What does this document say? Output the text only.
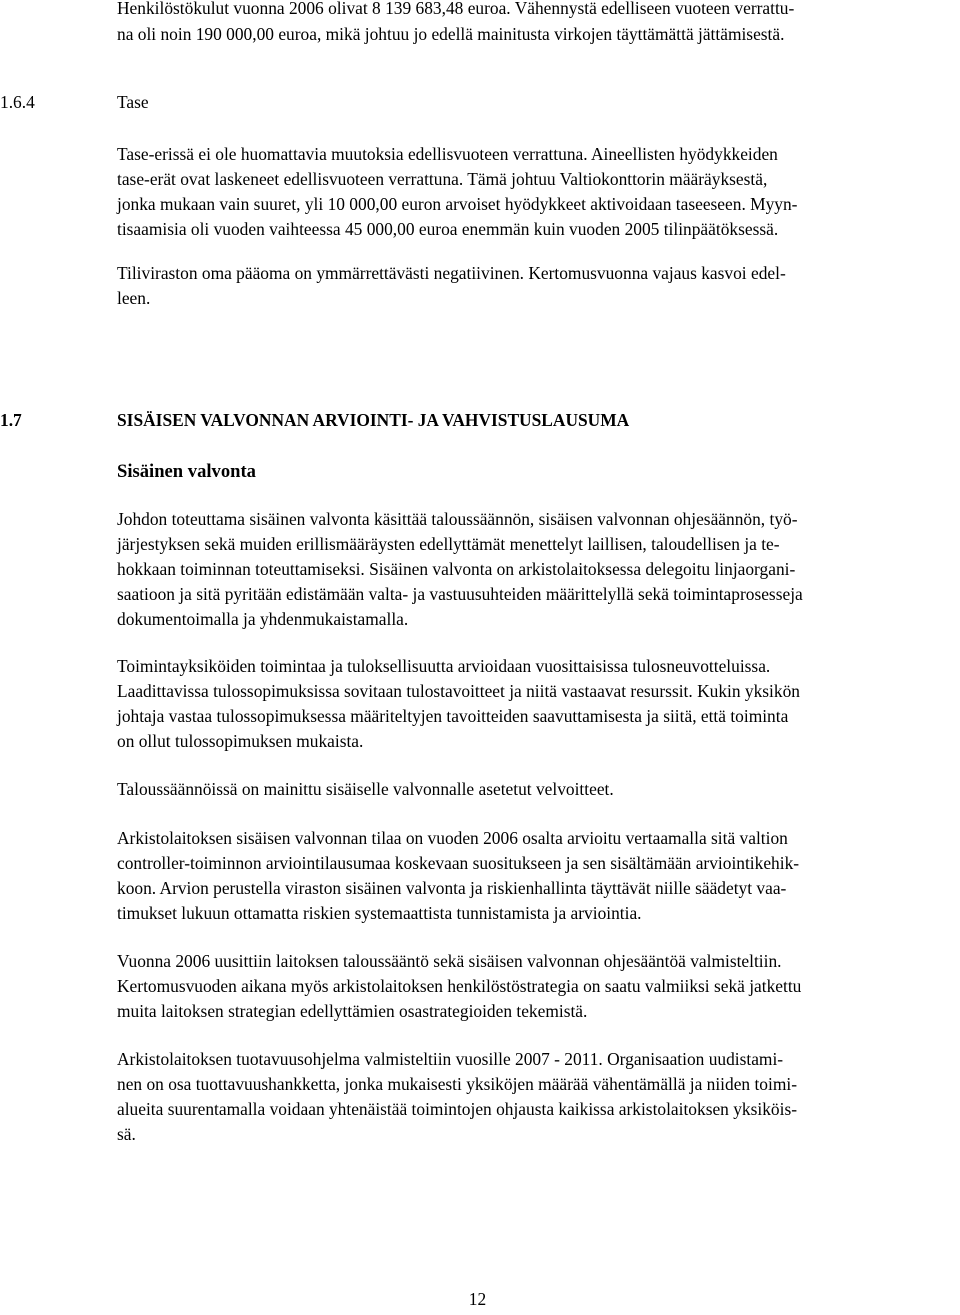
Henkilöstökulut vuonna 2006 olivat 8 139 683,48 euroa. Vähennystä edelliseen vuoteen verrattu-
na oli noin 190 000,00 euroa, mikä johtuu jo edellä mainitusta virkojen täyttämättä jättämisestä.
1.6.4	Tase
Tase-erissä ei ole huomattavia muutoksia edellisvuoteen verrattuna. Aineellisten hyödykkeiden
tase-erät ovat laskeneet edellisvuoteen verrattuna. Tämä johtuu Valtiokonttorin määräyksestä,
jonka mukaan vain suuret, yli 10 000,00 euron arvoiset hyödykkeet aktivoidaan taseeseen. Myyn-
tisaamisia oli vuoden vaihteessa 45 000,00 euroa enemmän kuin vuoden 2005 tilinpäätöksessä.
Tiliviraston oma pääoma on ymmärrettävästi negatiivinen. Kertomusvuonna vajaus kasvoi edel-
leen.
1.7	SISÄISEN VALVONNAN ARVIOINTI- JA VAHVISTUSLAUSUMA
Sisäinen valvonta
Johdon toteuttama sisäinen valvonta käsittää taloussäännön, sisäisen valvonnan ohjesäännön, työ-
järjestyksen sekä muiden erillismääräysten edellyttämät menettelyt laillisen, taloudellisen ja te-
hokkaan toiminnan toteuttamiseksi. Sisäinen valvonta on arkistolaitoksessa delegoitu linjaorgani-
saatioon ja sitä pyritään edistämään valta- ja vastuusuhteiden määrittelyllä sekä toimintaprosesseja
dokumentoimalla ja yhdenmukaistamalla.
Toimintayksiköiden toimintaa ja tuloksellisuutta arvioidaan vuosittaisissa tulosneuvotteluissa.
Laadittavissa tulossopimuksissa sovitaan tulostavoitteet ja niitä vastaavat resurssit. Kukin yksikön
johtaja vastaa tulossopimuksessa määriteltyjen tavoitteiden saavuttamisesta ja siitä, että toiminta
on ollut tulossopimuksen mukaista.
Taloussäännöissä on mainittu sisäiselle valvonnalle asetetut velvoitteet.
Arkistolaitoksen sisäisen valvonnan tilaa on vuoden 2006 osalta arvioitu vertaamalla sitä valtion
controller-toiminnon arviointilausumaa koskevaan suositukseen ja sen sisältämään arviointikehik-
koon. Arvion perustella viraston sisäinen valvonta ja riskienhallinta täyttävät niille säädetyt vaa-
timukset lukuun ottamatta riskien systemaattista tunnistamista ja arviointia.
Vuonna 2006 uusittiin laitoksen taloussääntö sekä sisäisen valvonnan ohjesääntöä valmisteltiin.
Kertomusvuoden aikana myös arkistolaitoksen henkilöstöstrategia on saatu valmiiksi sekä jatkettu
muita laitoksen strategian edellyttämien osastrategioiden tekemistä.
Arkistolaitoksen tuotavuusohjelma valmisteltiin vuosille 2007 - 2011. Organisaation uudistami-
nen on osa tuottavuushankketta, jonka mukaisesti yksiköjen määrää vähentämällä ja niiden toimi-
alueita suurentamalla voidaan yhtenäistää toimintojen ohjausta kaikissa arkistolaitoksen yksiköis-
sä.
12
